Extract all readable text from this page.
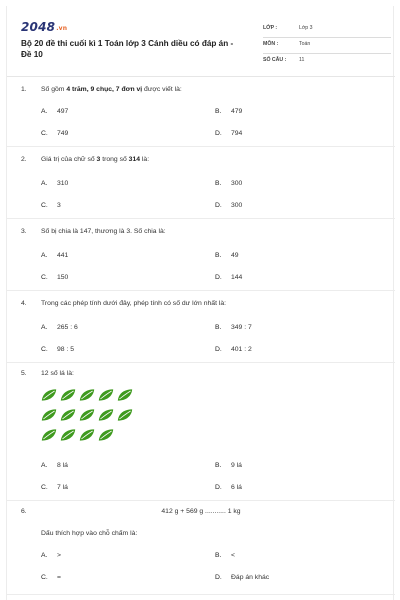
2048.vn
Bộ 20 đề thi cuối kì 1 Toán lớp 3 Cánh diều có đáp án - Đề 10
LỚP :	Lớp 3
MÔN :	Toán
SỐ CÂU : 11
1. Số gồm 4 trăm, 9 chục, 7 đơn vị được viết là:
A. 497	B. 479
C. 749	D. 794
2. Giá trị của chữ số 3 trong số 314 là:
A. 310	B. 300
C. 3	D. 300
3. Số bị chia là 147, thương là 3. Số chia là:
A. 441	B. 49
C. 150	D. 144
4. Trong các phép tính dưới đây, phép tính có số dư lớn nhất là:
A. 265 : 6	B. 349 : 7
C. 98 : 5	D. 401 : 2
5. 12 số lá là:
A. 8 lá	B. 9 lá
C. 7 lá	D. 6 lá
6.	412 g + 569 g ........... 1 kg
Dấu thích hợp vào chỗ chấm là:
A. >	B. <
C. =	D. Đáp án khác
